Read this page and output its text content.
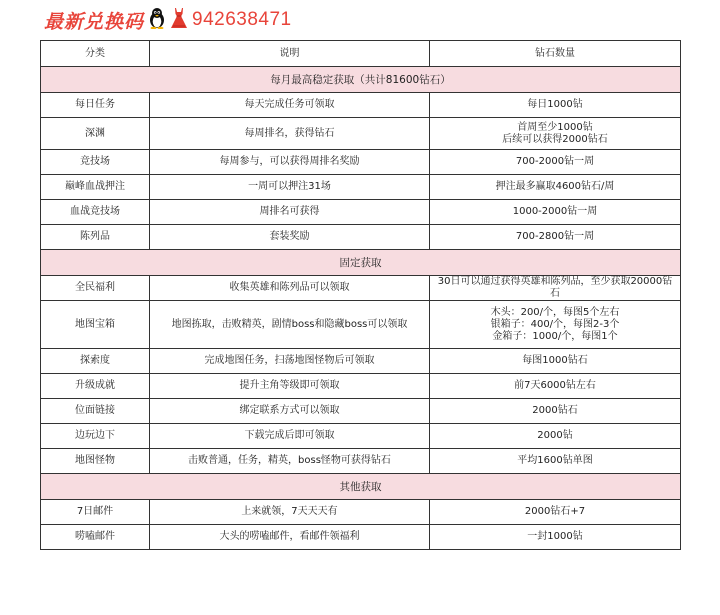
最新兑换码	942638471
分类	说明	钻石数量
每月最高稳定获取（共计81600钻石）		
每日任务	每天完成任务可领取	每日1000钻
深渊	每周排名，获得钻石	首周至少1000钻
后续可以获得2000钻石

竞技场	每周参与，可以获得周排名奖励	700-2000钻一周
巅峰血战押注	一周可以押注31场	押注最多赢取4600钻石/周
血战竞技场	周排名可获得	1000-2000钻一周
陈列品	套装奖励	700-2800钻一周
固定获取		
全民福利	收集英雄和陈列品可以领取	30日可以通过获得英雄和陈列品，至少获取20000钻石
地图宝箱	地图拣取，击败精英，剧情boss和隐藏boss可以领取	木头：200/个，每图5个左右
银箱子：400/个，每图2-3个
金箱子：1000/个，每图1个

探索度	完成地图任务，扫荡地图怪物后可领取	每图1000钻石
升级成就	提升主角等级即可领取	前7天6000钻左右
位面链接	绑定联系方式可以领取	2000钻石
边玩边下	下载完成后即可领取	2000钻
地图怪物	击败普通，任务，精英，boss怪物可获得钻石	平均1600钻单图
其他获取		
7日邮件	上来就领，7天天天有	2000钻石+7
唠嗑邮件	大头的唠嗑邮件，看邮件领福利	一封1000钻
